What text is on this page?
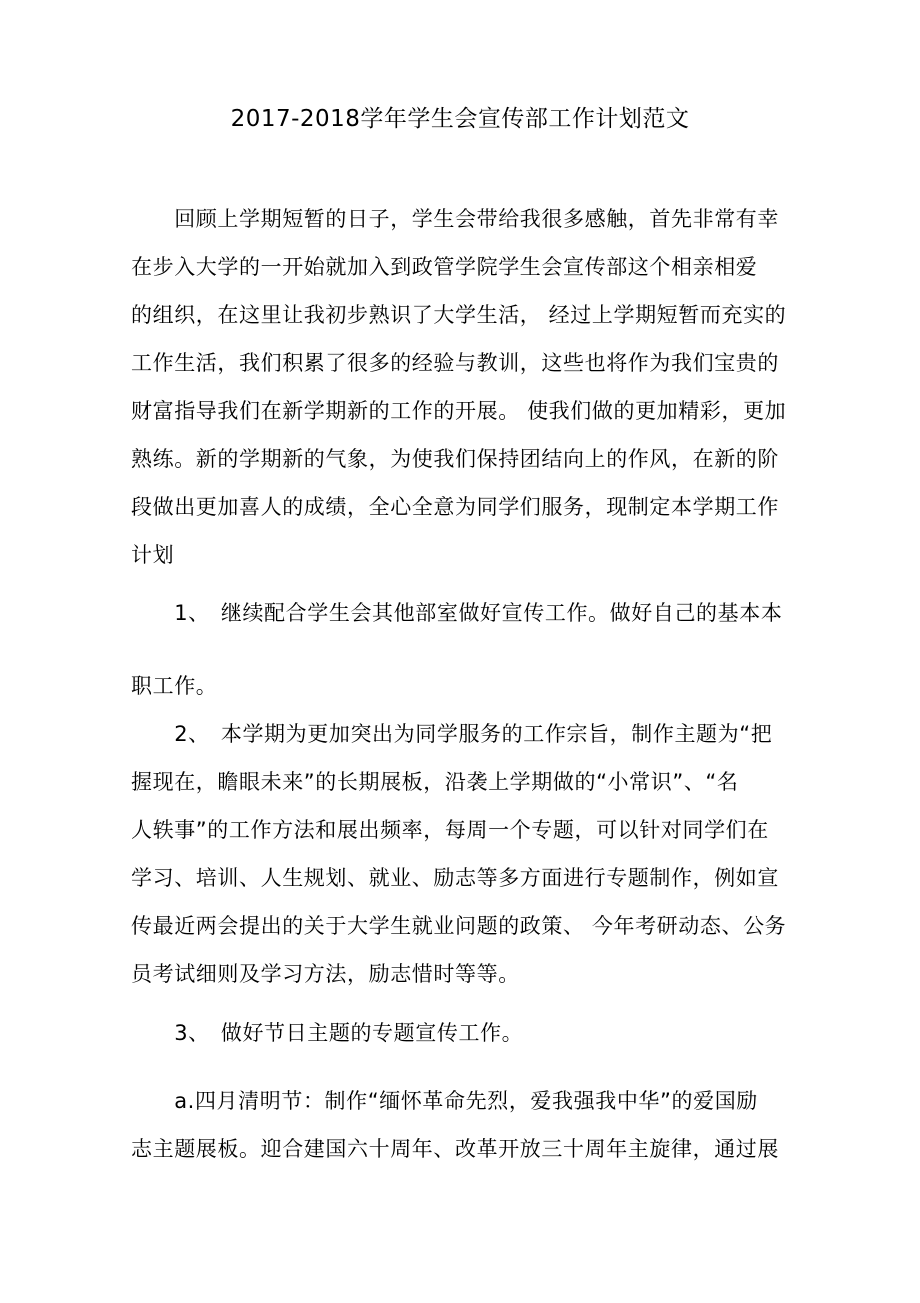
2017-2018学年学生会宣传部工作计划范文
　　回顾上学期短暂的日子，学生会带给我很多感触，首先非常有幸
在步入大学的一开始就加入到政管学院学生会宣传部这个相亲相爱
的组织，在这里让我初步熟识了大学生活， 经过上学期短暂而充实的
工作生活，我们积累了很多的经验与教训，这些也将作为我们宝贵的
财富指导我们在新学期新的工作的开展。 使我们做的更加精彩，更加
熟练。新的学期新的气象，为使我们保持团结向上的作风，在新的阶
段做出更加喜人的成绩，全心全意为同学们服务，现制定本学期工作
计划
　　1、　继续配合学生会其他部室做好宣传工作。做好自己的基本本
职工作。
　　2、　本学期为更加突出为同学服务的工作宗旨，制作主题为“把
握现在，瞻眼未来”的长期展板，沿袭上学期做的“小常识”、“名
人轶事”的工作方法和展出频率，每周一个专题，可以针对同学们在
学习、培训、人生规划、就业、励志等多方面进行专题制作，例如宣
传最近两会提出的关于大学生就业问题的政策、 今年考研动态、公务
员考试细则及学习方法，励志惜时等等。
　　3、　做好节日主题的专题宣传工作。
　　a.四月清明节：制作“缅怀革命先烈，爱我强我中华”的爱国励
志主题展板。迎合建国六十周年、改革开放三十周年主旋律，通过展
